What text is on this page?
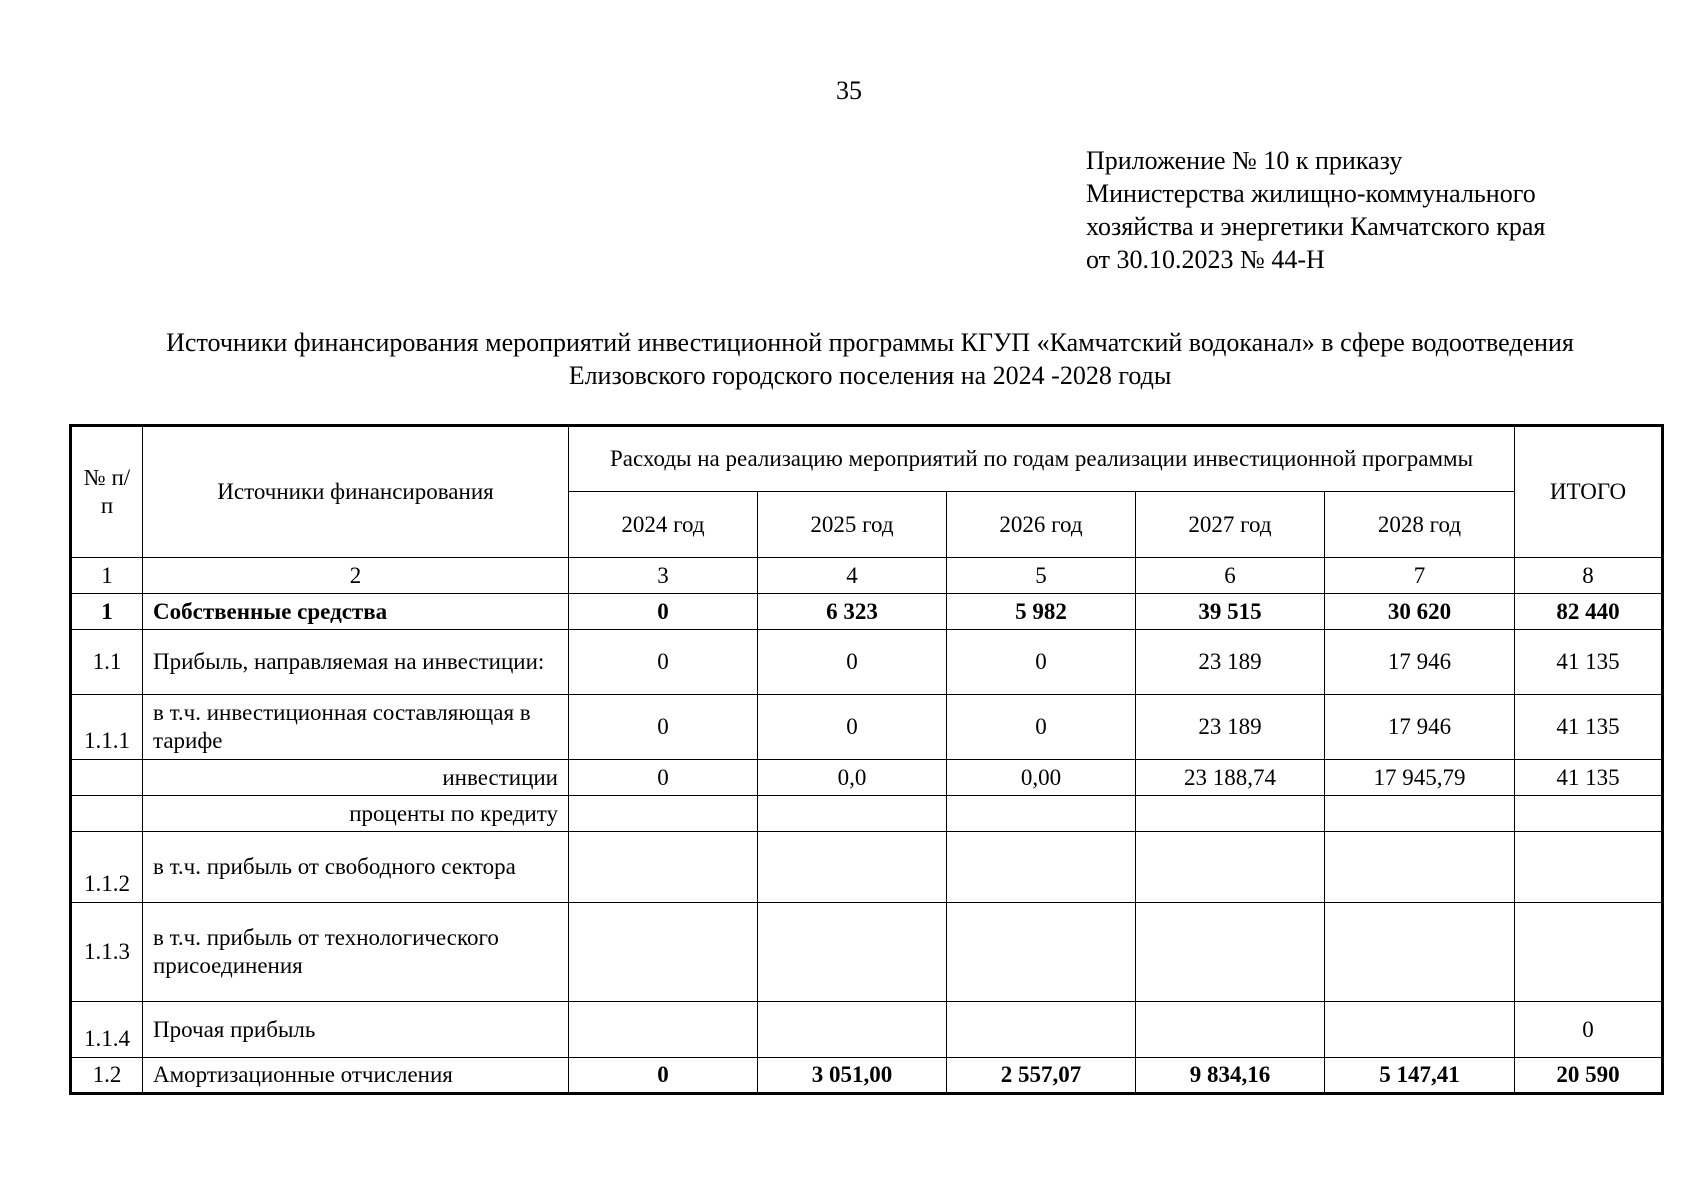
35
Приложение № 10 к приказу
Министерства жилищно-коммунального
хозяйства и энергетики Камчатского края
от 30.10.2023 № 44-Н
Источники финансирования мероприятий инвестиционной программы КГУП «Камчатский водоканал» в сфере водоотведения
Елизовского городского поселения на 2024 -2028 годы
№ п/п	Источники финансирования	Расходы на реализацию мероприятий по годам реализации инвестиционной программы					ИТОГО
		2024 год	2025 год	2026 год	2027 год	2028 год	
1	2	3	4	5	6	7	8
1	Собственные средства	0	6 323	5 982	39 515	30 620	82 440
1.1	Прибыль, направляемая на инвестиции:	0	0	0	23 189	17 946	41 135
1.1.1	в т.ч. инвестиционная составляющая в тарифе	0	0	0	23 189	17 946	41 135
	инвестиции	0	0,0	0,00	23 188,74	17 945,79	41 135
	проценты по кредиту						
1.1.2	в т.ч. прибыль от свободного сектора						
1.1.3	в т.ч. прибыль от технологического присоединения						
1.1.4	Прочая прибыль						0
1.2	Амортизационные отчисления	0	3 051,00	2 557,07	9 834,16	5 147,41	20 590
